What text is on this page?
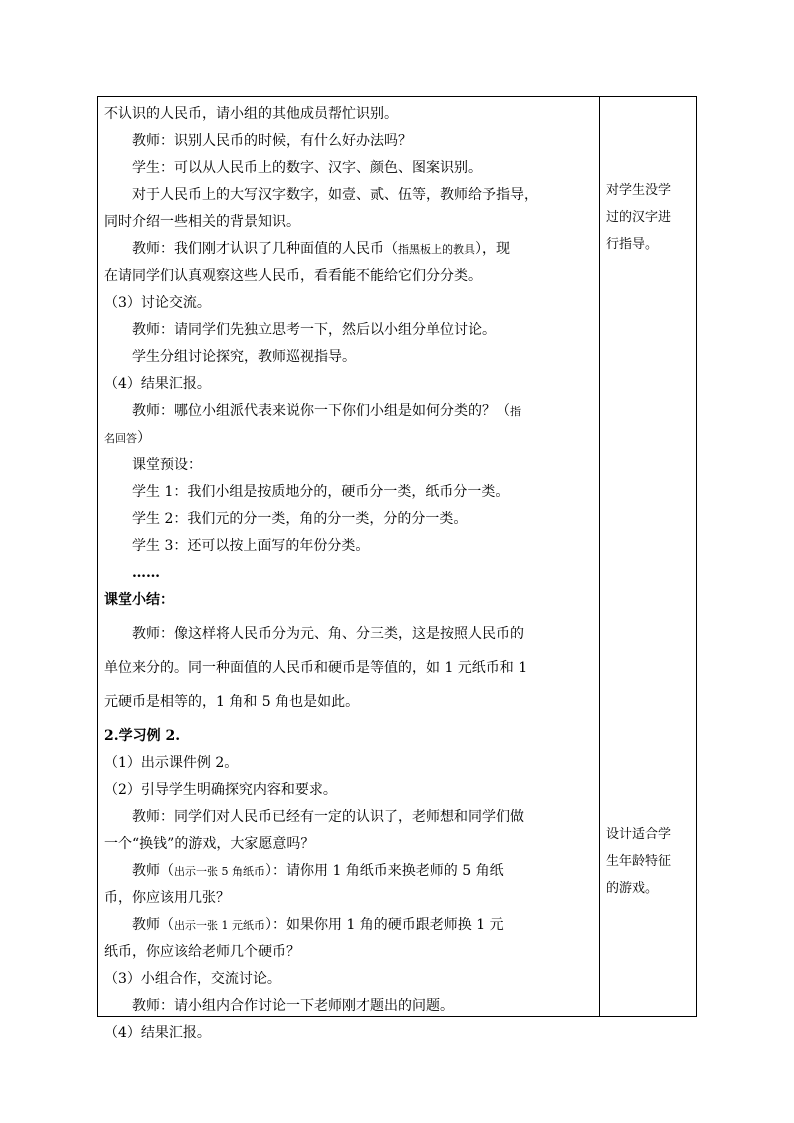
不认识的人民币，请小组的其他成员帮忙识别。
教师：识别人民币的时候，有什么好办法吗？
学生：可以从人民币上的数字、汉字、颜色、图案识别。
对于人民币上的大写汉字数字，如壹、贰、伍等，教师给予指导，
同时介绍一些相关的背景知识。
教师：我们刚才认识了几种面值的人民币（指黑板上的教具），现
在请同学们认真观察这些人民币，看看能不能给它们分分类。
（3）讨论交流。
教师：请同学们先独立思考一下，然后以小组分单位讨论。
学生分组讨论探究，教师巡视指导。
（4）结果汇报。
教师：哪位小组派代表来说你一下你们小组是如何分类的？（指
名回答）
课堂预设：
学生 1：我们小组是按质地分的，硬币分一类，纸币分一类。
学生 2：我们元的分一类，角的分一类，分的分一类。
学生 3：还可以按上面写的年份分类。
……
课堂小结：
教师：像这样将人民币分为元、角、分三类，这是按照人民币的
单位来分的。同一种面值的人民币和硬币是等值的，如 1 元纸币和 1
元硬币是相等的，1 角和 5 角也是如此。
2.学习例 2.
（1）出示课件例 2。
（2）引导学生明确探究内容和要求。
教师：同学们对人民币已经有一定的认识了，老师想和同学们做
一个“换钱”的游戏，大家愿意吗？
教师（出示一张 5 角纸币）：请你用 1 角纸币来换老师的 5 角纸
币，你应该用几张？
教师（出示一张 1 元纸币）：如果你用 1 角的硬币跟老师换 1 元
纸币，你应该给老师几个硬币？
（3）小组合作，交流讨论。
教师：请小组内合作讨论一下老师刚才题出的问题。
（4）结果汇报。

对学生没学

过的汉字进

行指导。

设计适合学

生年龄特征

的游戏。
